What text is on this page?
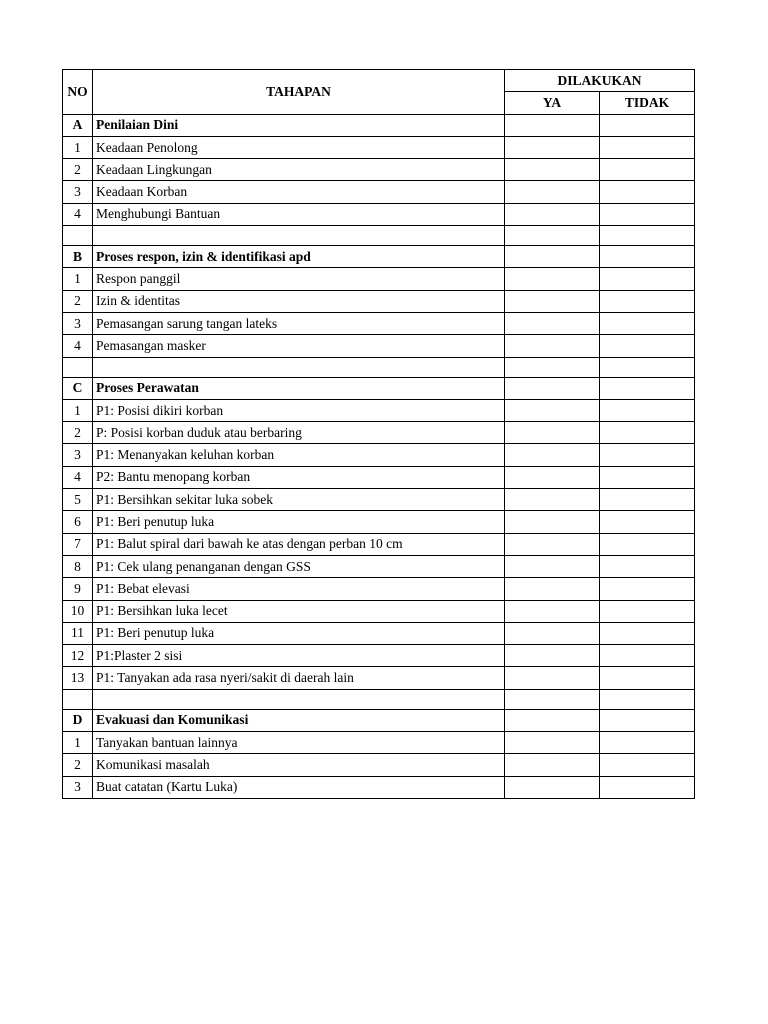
NO	TAHAPAN	DILAKUKAN	
		YA	TIDAK
A	Penilaian Dini		
1	Keadaan Penolong		
2	Keadaan Lingkungan		
3	Keadaan Korban		
4	Menghubungi Bantuan		

B	Proses respon, izin & identifikasi apd		
1	Respon panggil		
2	Izin & identitas		
3	Pemasangan sarung tangan lateks		
4	Pemasangan masker		

C	Proses Perawatan		
1	P1: Posisi dikiri korban		
2	P: Posisi korban duduk atau berbaring		
3	P1: Menanyakan keluhan korban		
4	P2: Bantu menopang korban		
5	P1: Bersihkan sekitar luka sobek		
6	P1: Beri penutup luka		
7	P1: Balut spiral dari bawah ke atas dengan perban 10 cm		
8	P1: Cek ulang penanganan dengan GSS		
9	P1: Bebat elevasi		
10	P1: Bersihkan luka lecet		
11	P1: Beri penutup luka		
12	P1:Plaster 2 sisi		
13	P1: Tanyakan ada rasa nyeri/sakit di daerah lain		

D	Evakuasi dan Komunikasi		
1	Tanyakan bantuan lainnya		
2	Komunikasi masalah		
3	Buat catatan (Kartu Luka)		
